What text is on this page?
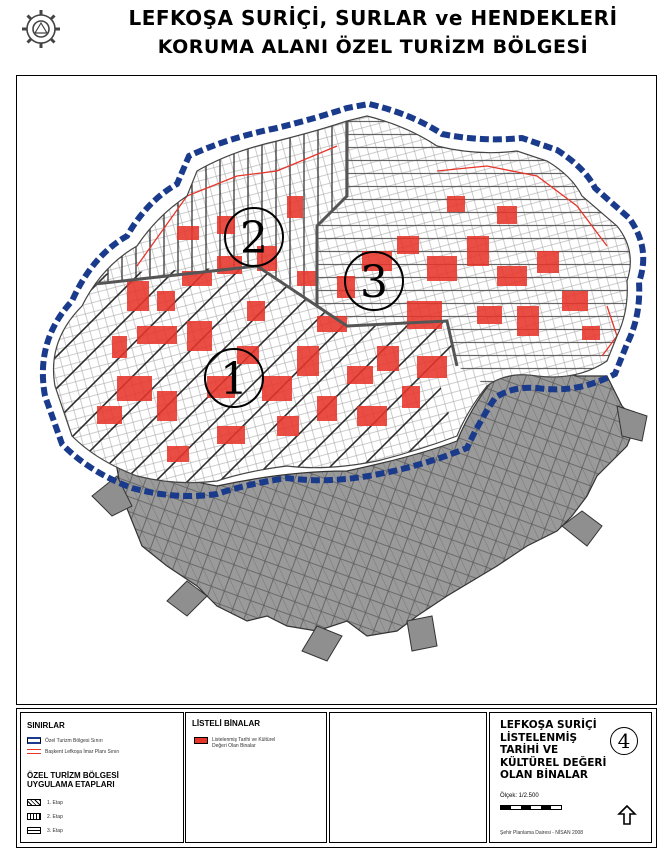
LEFKOŞA SURİÇİ, SURLAR ve HENDEKLERİ
KORUMA ALANI ÖZEL TURİZM BÖLGESİ
1
2
3
SINIRLAR
Özel Turizm Bölgesi Sınırı
Başkent Lefkoşa İmar Planı Sınırı
ÖZEL TURİZM BÖLGESİ
UYGULAMA ETAPLARI
1. Etap
2. Etap
3. Etap
LİSTELİ BİNALAR
Listelenmiş Tarihi ve Kültürel
Değeri Olan Binalar
LEFKOŞA SURİÇİ
LİSTELENMİŞ
TARİHİ VE
KÜLTÜREL DEĞERİ
OLAN BİNALAR
4
Ölçek: 1/2.500
Şehir Planlama Dairesi - NİSAN 2008
